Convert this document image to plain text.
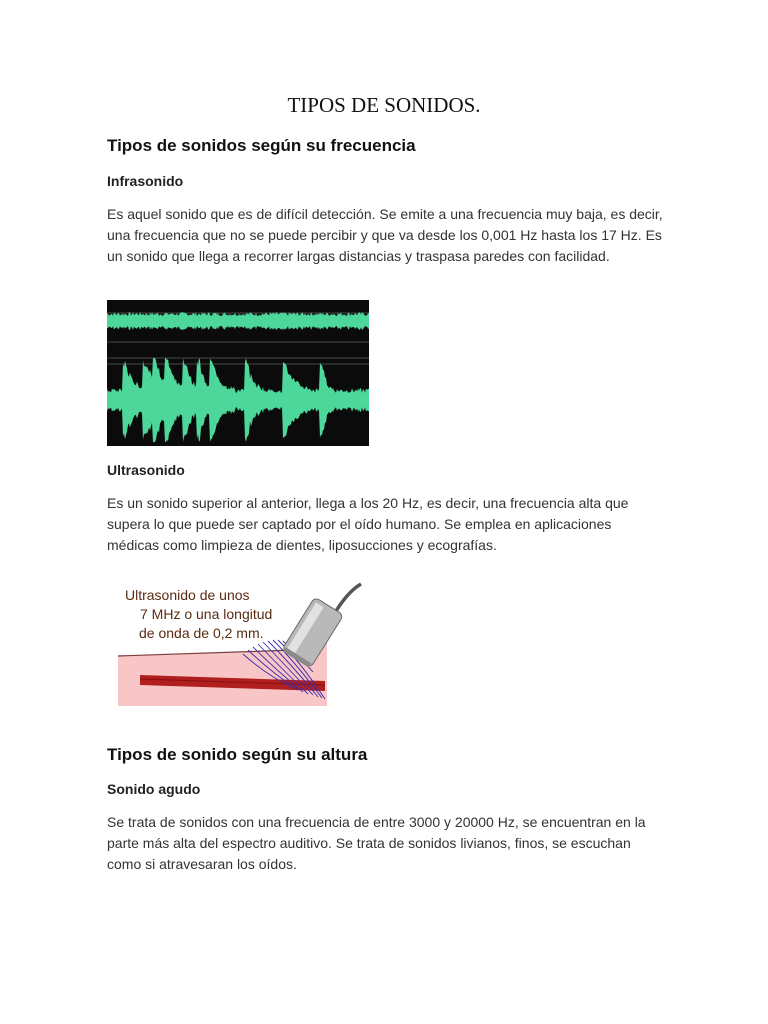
TIPOS DE SONIDOS.
Tipos de sonidos según su frecuencia
Infrasonido

Es aquel sonido que es de difícil detección. Se emite a una frecuencia muy baja, es decir, una frecuencia que no se puede percibir y que va desde los 0,001 Hz hasta los 17 Hz. Es un sonido que llega a recorrer largas distancias y traspasa paredes con facilidad.

Ultrasonido

Es un sonido superior al anterior, llega a los 20 Hz, es decir, una frecuencia alta que supera lo que puede ser captado por el oído humano. Se emplea en aplicaciones médicas como limpieza de dientes, liposucciones y ecografías.

Ultrasonido de unos
7 MHz o una longitud
de onda de 0,2 mm.
Tipos de sonido según su altura
Sonido agudo

Se trata de sonidos con una frecuencia de entre 3000 y 20000 Hz, se encuentran en la parte más alta del espectro auditivo. Se trata de sonidos livianos, finos, se escuchan como si atravesaran los oídos.
